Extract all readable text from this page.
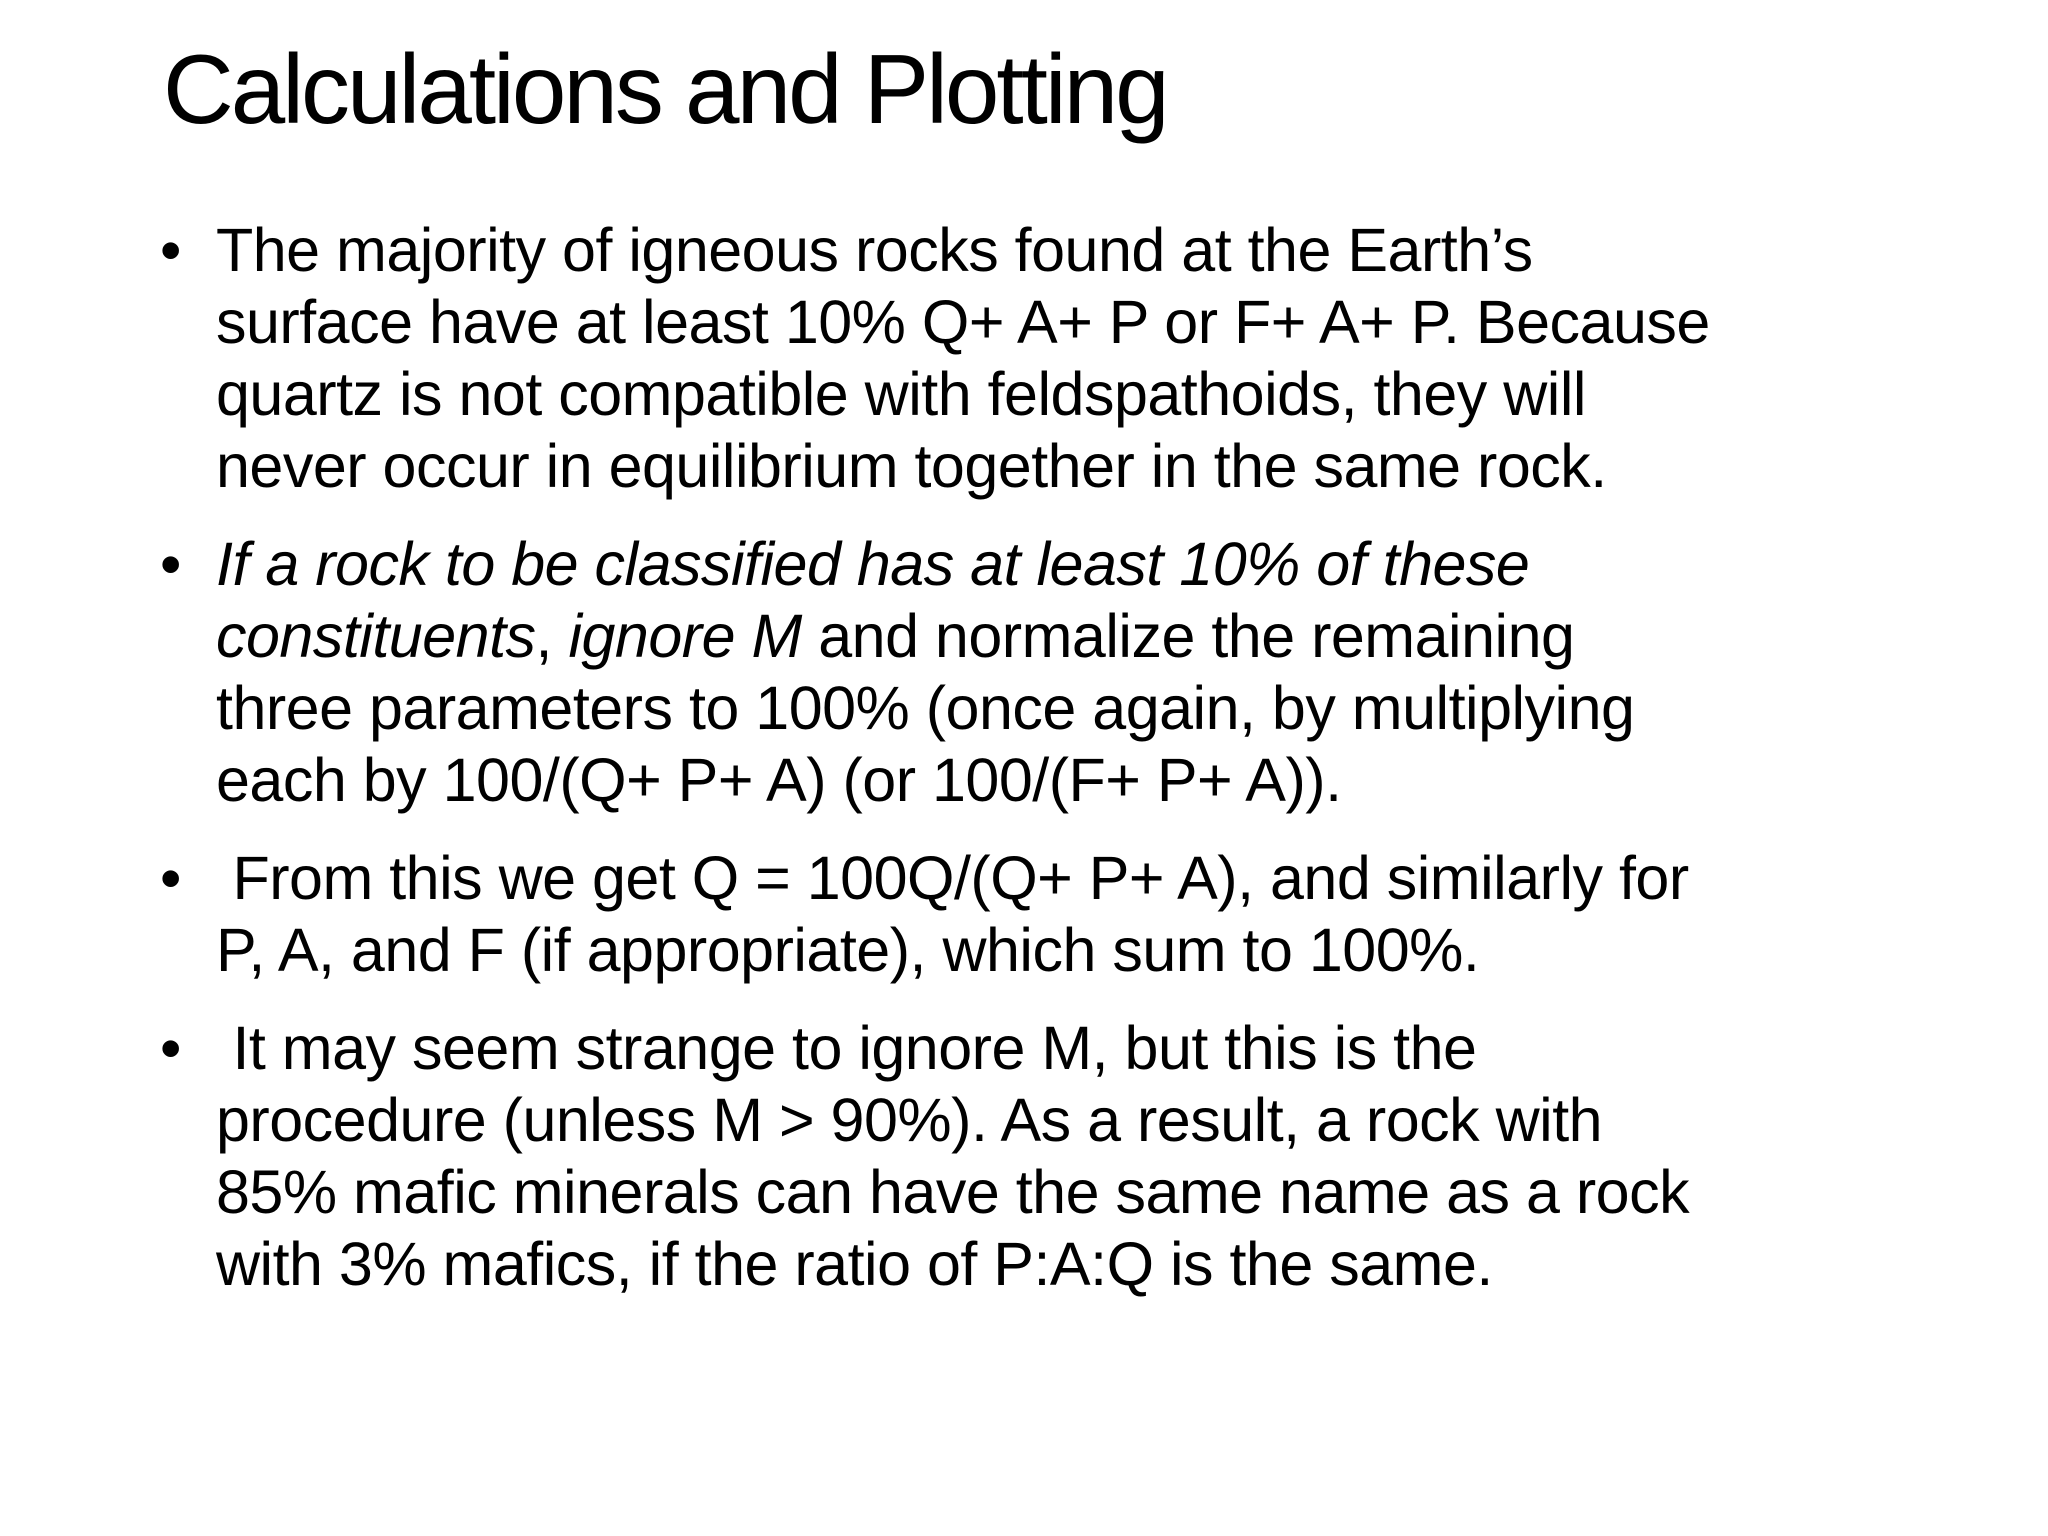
Calculations and Plotting
• The majority of igneous rocks found at the Earth’s
surface have at least 10% Q+ A+ P or F+ A+ P. Because
quartz is not compatible with feldspathoids, they will
never occur in equilibrium together in the same rock.
• If a rock to be classified has at least 10% of these
constituents, ignore M and normalize the remaining
three parameters to 100% (once again, by multiplying
each by 100/(Q+ P+ A) (or 100/(F+ P+ A)).
• From this we get Q = 100Q/(Q+ P+ A), and similarly for
P, A, and F (if appropriate), which sum to 100%.
• It may seem strange to ignore M, but this is the
procedure (unless M > 90%). As a result, a rock with
85% mafic minerals can have the same name as a rock
with 3% mafics, if the ratio of P:A:Q is the same.
